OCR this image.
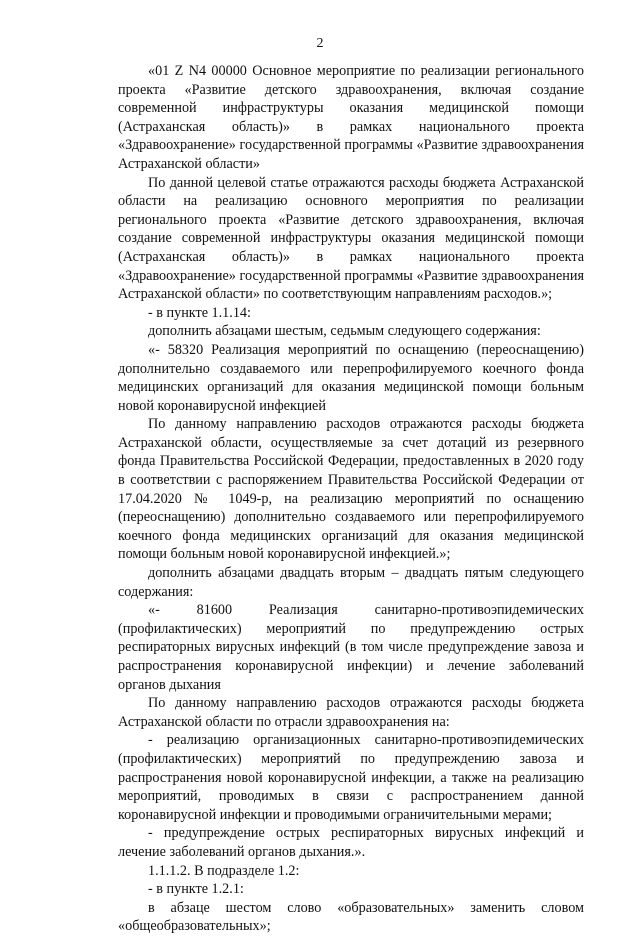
2

«01 Z N4 00000 Основное мероприятие по реализации регионального проекта «Развитие детского здравоохранения, включая создание современной инфраструктуры оказания медицинской помощи (Астраханская область)» в рамках национального проекта «Здравоохранение» государственной программы «Развитие здравоохранения Астраханской области»

По данной целевой статье отражаются расходы бюджета Астраханской области на реализацию основного мероприятия по реализации регионального проекта «Развитие детского здравоохранения, включая создание современной инфраструктуры оказания медицинской помощи (Астраханская область)» в рамках национального проекта «Здравоохранение» государственной программы «Развитие здравоохранения Астраханской области» по соответствующим направлениям расходов.»;

- в пункте 1.1.14:

дополнить абзацами шестым, седьмым следующего содержания:

«- 58320 Реализация мероприятий по оснащению (переоснащению) дополнительно создаваемого или перепрофилируемого коечного фонда медицинских организаций для оказания медицинской помощи больным новой коронавирусной инфекцией

По данному направлению расходов отражаются расходы бюджета Астраханской области, осуществляемые за счет дотаций из резервного фонда Правительства Российской Федерации, предоставленных в 2020 году в соответствии с распоряжением Правительства Российской Федерации от 17.04.2020 № 1049-р, на реализацию мероприятий по оснащению (переоснащению) дополнительно создаваемого или перепрофилируемого коечного фонда медицинских организаций для оказания медицинской помощи больным новой коронавирусной инфекцией.»;

дополнить абзацами двадцать вторым – двадцать пятым следующего содержания:

«- 81600 Реализация санитарно-противоэпидемических (профилактических) мероприятий по предупреждению острых респираторных вирусных инфекций (в том числе предупреждение завоза и распространения коронавирусной инфекции) и лечение заболеваний органов дыхания

По данному направлению расходов отражаются расходы бюджета Астраханской области по отрасли здравоохранения на:

- реализацию организационных санитарно-противоэпидемических (профилактических) мероприятий по предупреждению завоза и распространения новой коронавирусной инфекции, а также на реализацию мероприятий, проводимых в связи с распространением данной коронавирусной инфекции и проводимыми ограничительными мерами;

- предупреждение острых респираторных вирусных инфекций и лечение заболеваний органов дыхания.».

1.1.1.2. В подразделе 1.2:

- в пункте 1.2.1:

в абзаце шестом слово «образовательных» заменить словом «общеобразовательных»;
